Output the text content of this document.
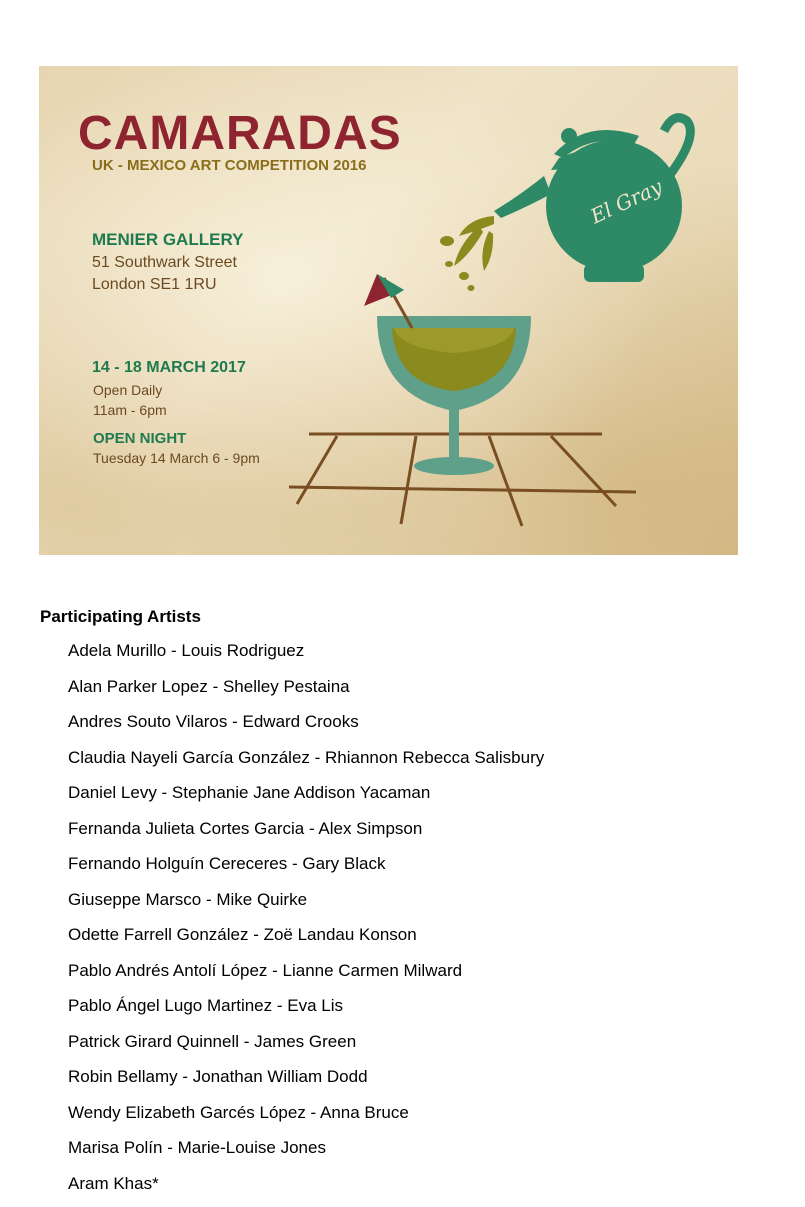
El Gray
CAMARADAS
UK - MEXICO ART COMPETITION 2016
MENIER GALLERY
51 Southwark Street
London SE1 1RU
14 - 18 MARCH 2017
Open Daily
11am - 6pm
OPEN NIGHT
Tuesday 14 March 6 - 9pm
Participating Artists
Adela Murillo - Louis Rodriguez
Alan Parker Lopez - Shelley Pestaina
Andres Souto Vilaros - Edward Crooks
Claudia Nayeli García González - Rhiannon Rebecca Salisbury
Daniel Levy - Stephanie Jane Addison Yacaman
Fernanda Julieta Cortes Garcia - Alex Simpson
Fernando Holguín Cereceres - Gary Black
Giuseppe Marsco - Mike Quirke
Odette Farrell González - Zoë Landau Konson
Pablo Andrés Antolí López - Lianne Carmen Milward
Pablo Ángel Lugo Martinez - Eva Lis
Patrick Girard Quinnell - James Green
Robin Bellamy - Jonathan William Dodd
Wendy Elizabeth Garcés López - Anna Bruce
Marisa Polín - Marie-Louise Jones
Aram Khas*
